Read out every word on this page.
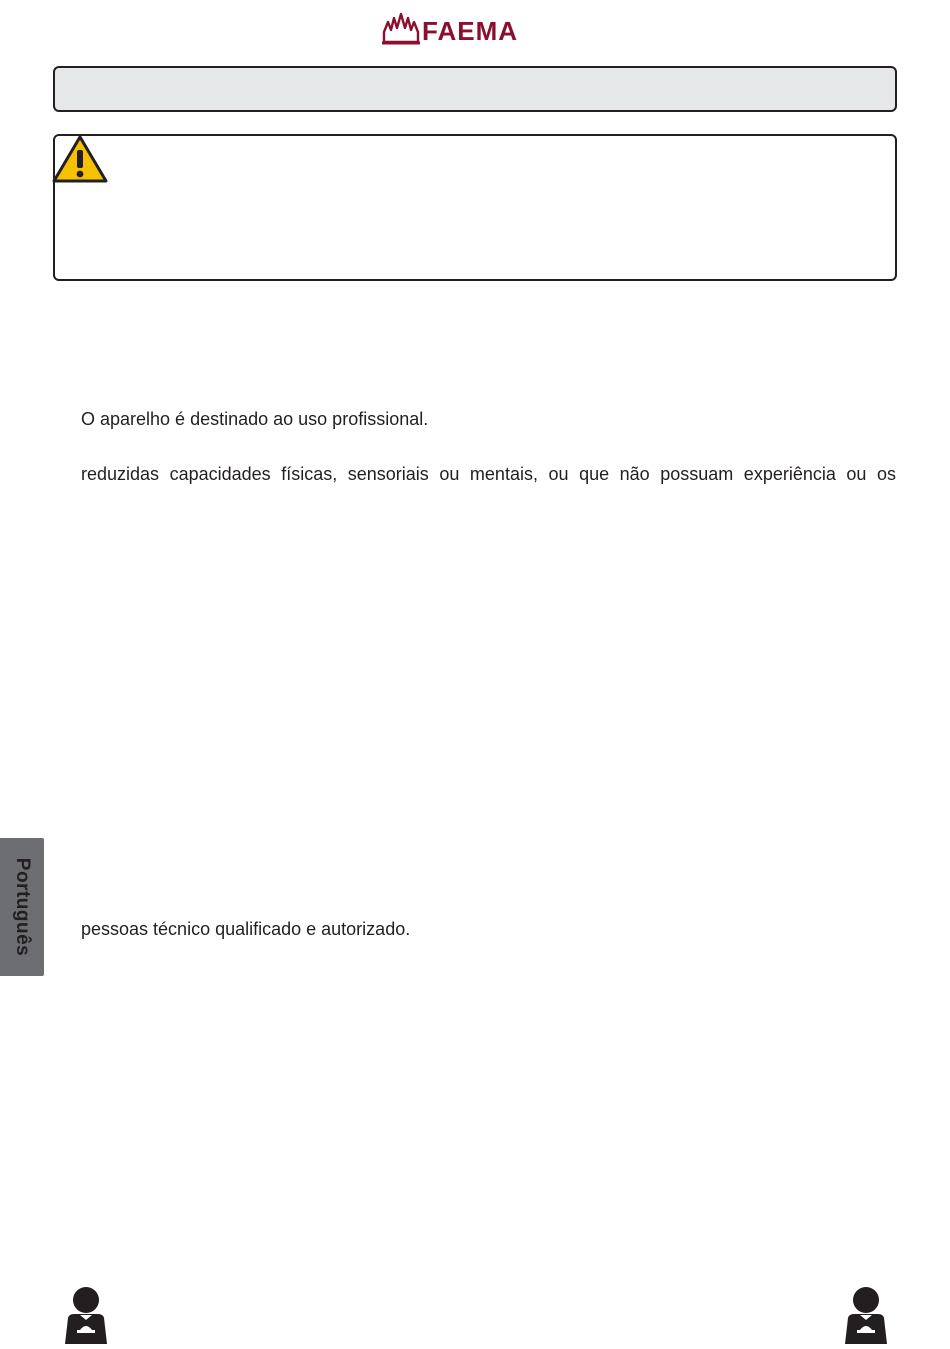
FAEMA
O aparelho é destinado ao uso profissional.
reduzidas capacidades físicas, sensoriais ou mentais, ou que não possuam experiência ou os
pessoas técnico qualificado e autorizado.
Português
